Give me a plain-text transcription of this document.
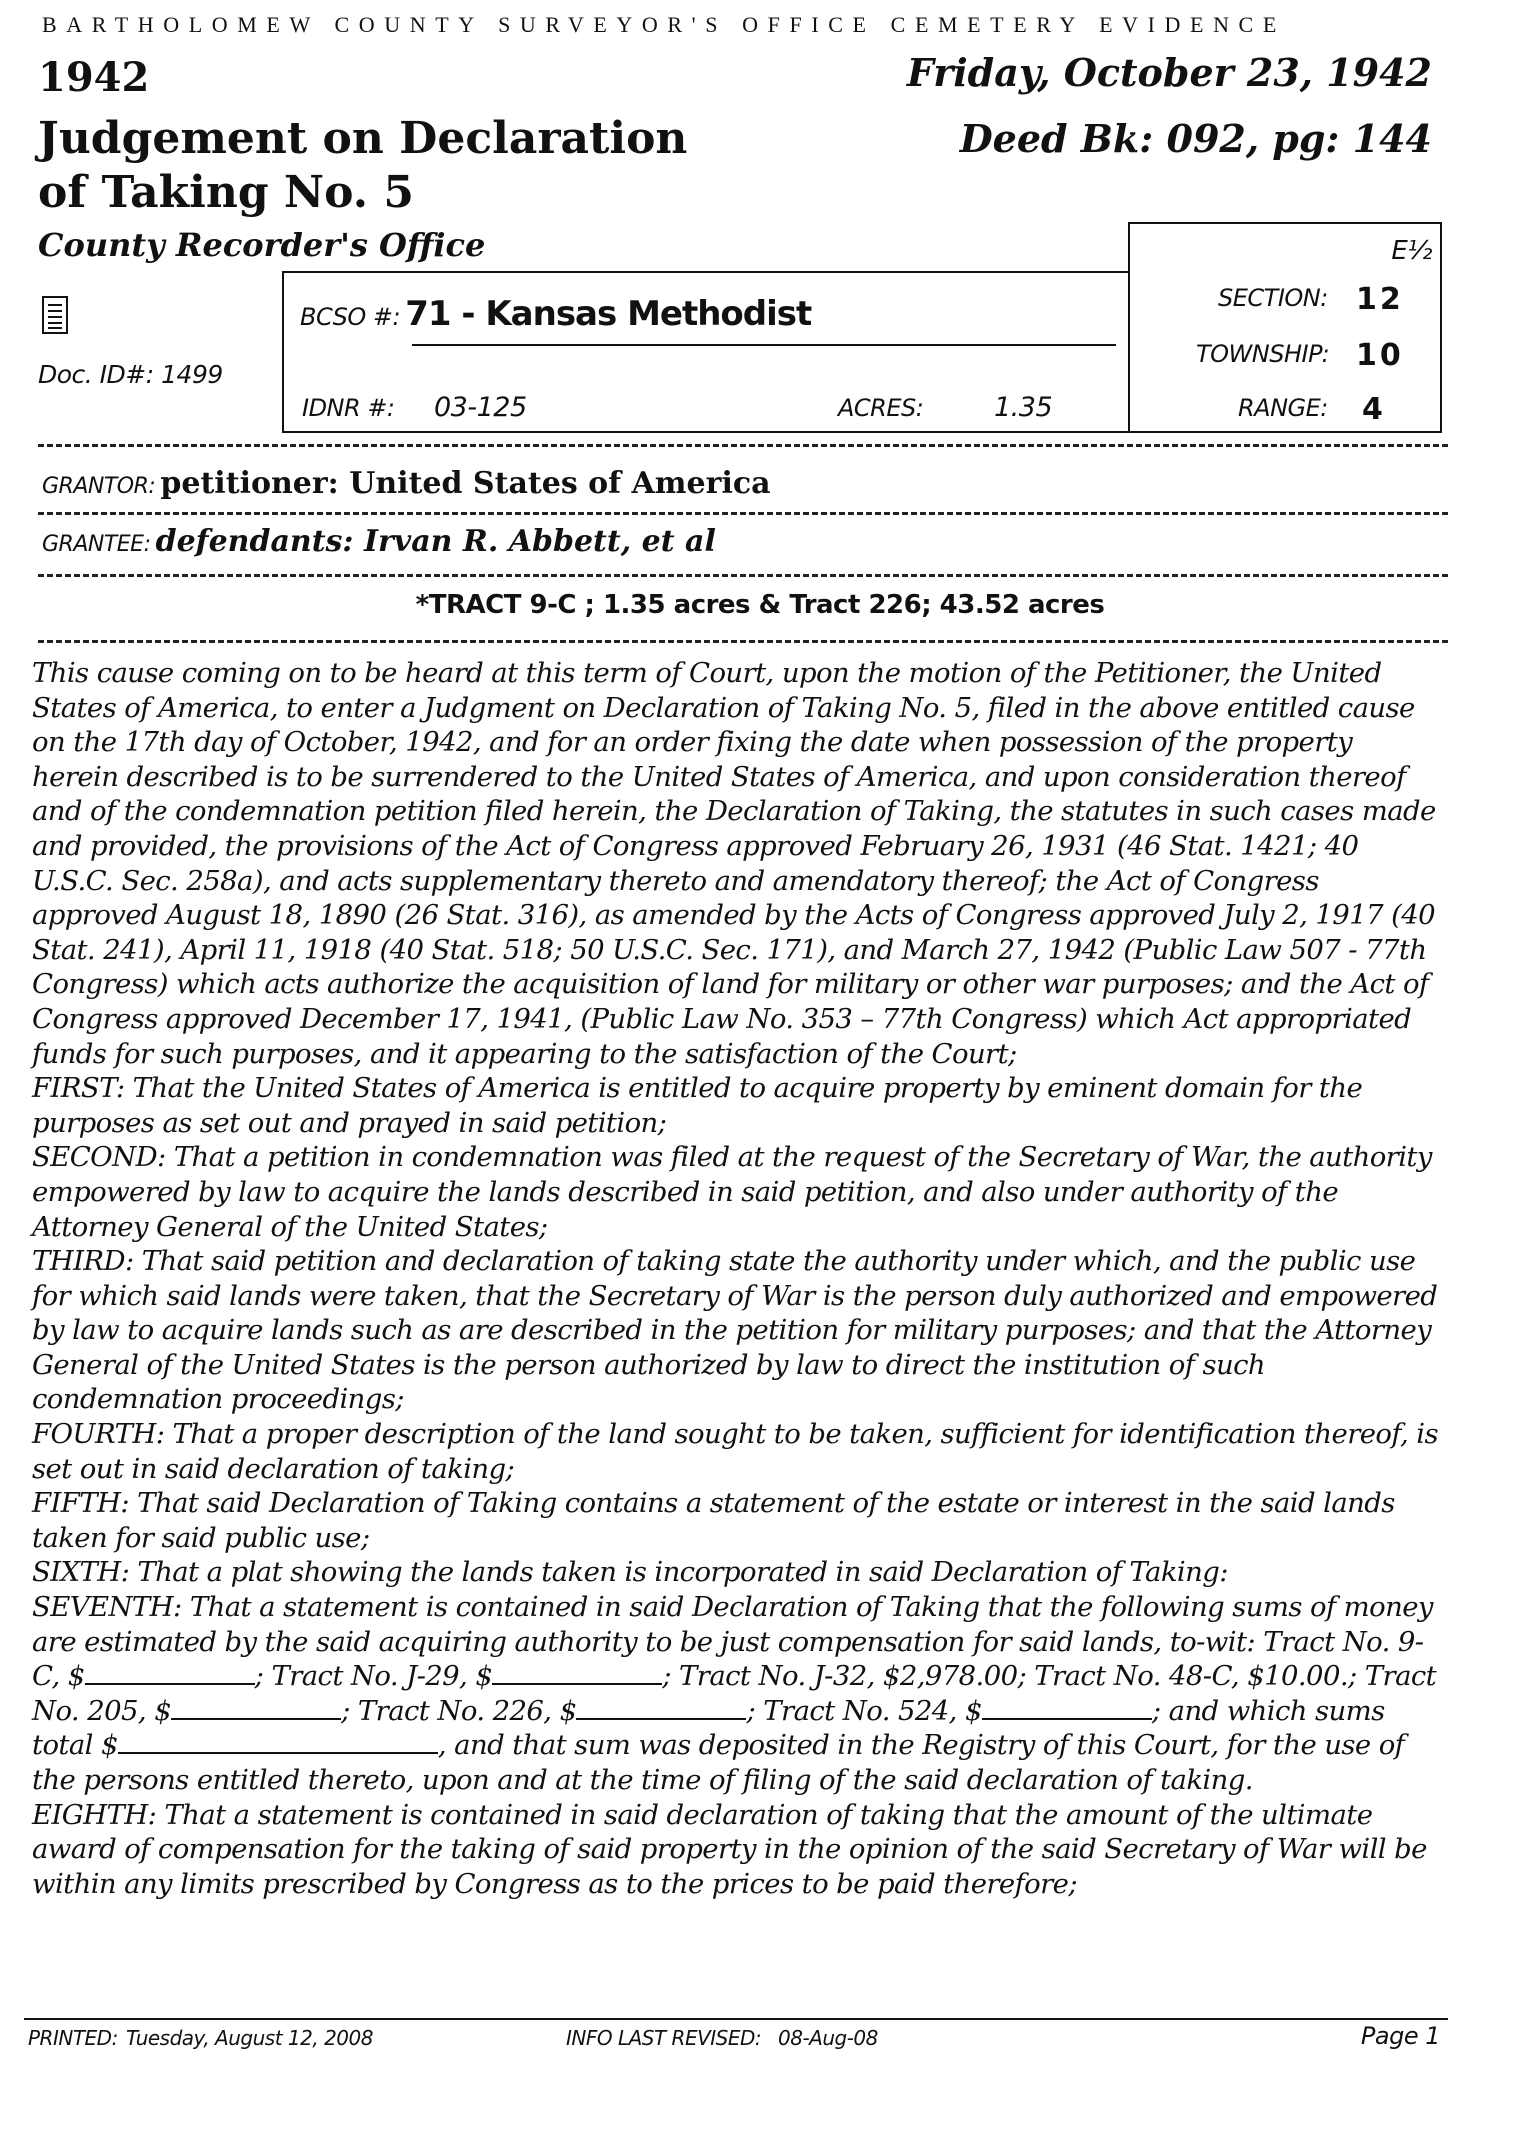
BARTHOLOMEW COUNTY SURVEYOR'S OFFICE CEMETERY EVIDENCE
1942	Friday, October 23, 1942
Judgement on Declaration of Taking No. 5
Deed Bk: 092, pg: 144
County Recorder's Office
Doc. ID#: 1499
BCSO #: 71 - Kansas Methodist
IDNR #: 03-125	ACRES:	1.35
E½
SECTION: 12
TOWNSHIP: 10
RANGE: 4
GRANTOR: petitioner: United States of America
GRANTEE: defendants: Irvan R. Abbett, et al
*TRACT 9-C ; 1.35 acres & Tract 226; 43.52 acres

This cause coming on to be heard at this term of Court, upon the motion of the Petitioner, the United States of America, to enter a Judgment on Declaration of Taking No. 5, filed in the above entitled cause on the 17th day of October, 1942, and for an order fixing the date when possession of the property herein described is to be surrendered to the United States of America, and upon consideration thereof and of the condemnation petition filed herein, the Declaration of Taking, the statutes in such cases made and provided, the provisions of the Act of Congress approved February 26, 1931 (46 Stat. 1421; 40 U.S.C. Sec. 258a), and acts supplementary thereto and amendatory thereof; the Act of Congress approved August 18, 1890 (26 Stat. 316), as amended by the Acts of Congress approved July 2, 1917 (40 Stat. 241), April 11, 1918 (40 Stat. 518; 50 U.S.C. Sec. 171), and March 27, 1942 (Public Law 507 - 77th Congress) which acts authorize the acquisition of land for military or other war purposes; and the Act of Congress approved December 17, 1941, (Public Law No. 353 – 77th Congress) which Act appropriated funds for such purposes, and it appearing to the satisfaction of the Court;

FIRST: That the United States of America is entitled to acquire property by eminent domain for the purposes as set out and prayed in said petition;

SECOND: That a petition in condemnation was filed at the request of the Secretary of War, the authority empowered by law to acquire the lands described in said petition, and also under authority of the Attorney General of the United States;

THIRD: That said petition and declaration of taking state the authority under which, and the public use for which said lands were taken, that the Secretary of War is the person duly authorized and empowered by law to acquire lands such as are described in the petition for military purposes; and that the Attorney General of the United States is the person authorized by law to direct the institution of such condemnation proceedings;

FOURTH: That a proper description of the land sought to be taken, sufficient for identification thereof, is set out in said declaration of taking;

FIFTH: That said Declaration of Taking contains a statement of the estate or interest in the said lands taken for said public use;

SIXTH: That a plat showing the lands taken is incorporated in said Declaration of Taking:

SEVENTH: That a statement is contained in said Declaration of Taking that the following sums of money are estimated by the said acquiring authority to be just compensation for said lands, to-wit: Tract No. 9-C, $	; Tract No. J-29, $	; Tract No. J-32, $2,978.00; Tract No. 48-C, $10.00.; Tract No. 205, $	; Tract No. 226, $	; Tract No. 524, $	; and which sums total $	, and that sum was deposited in the Registry of this Court, for the use of the persons entitled thereto, upon and at the time of filing of the said declaration of taking.

EIGHTH: That a statement is contained in said declaration of taking that the amount of the ultimate award of compensation for the taking of said property in the opinion of the said Secretary of War will be within any limits prescribed by Congress as to the prices to be paid therefore;

PRINTED: Tuesday, August 12, 2008	INFO LAST REVISED: 08-Aug-08	Page 1
